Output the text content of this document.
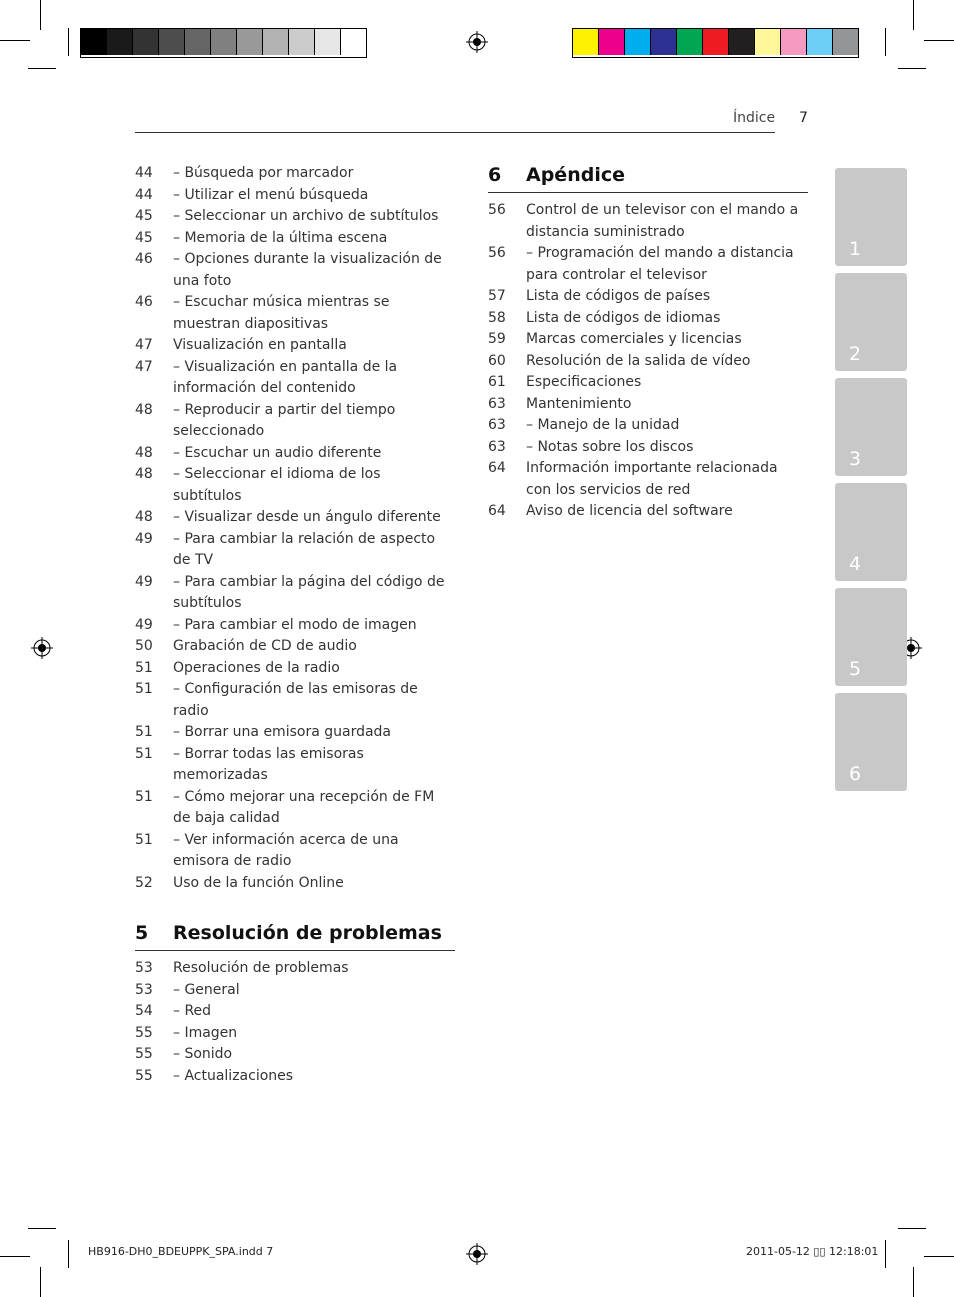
Índice 7
44	– Búsqueda por marcador
44	– Utilizar el menú búsqueda
45	– Seleccionar un archivo de subtítulos
45	– Memoria de la última escena
46	– Opciones durante la visualización de una foto
46	– Escuchar música mientras se muestran diapositivas
47	Visualización en pantalla
47	– Visualización en pantalla de la información del contenido
48	– Reproducir a partir del tiempo seleccionado
48	– Escuchar un audio diferente
48	– Seleccionar el idioma de los subtítulos
48	– Visualizar desde un ángulo diferente
49	– Para cambiar la relación de aspecto de TV
49	– Para cambiar la página del código de subtítulos
49	– Para cambiar el modo de imagen
50	Grabación de CD de audio
51	Operaciones de la radio
51	– Configuración de las emisoras de radio
51	– Borrar una emisora guardada
51	– Borrar todas las emisoras memorizadas
51	– Cómo mejorar una recepción de FM de baja calidad
51	– Ver información acerca de una emisora de radio
52	Uso de la función Online
5 Resolución de problemas
53	Resolución de problemas
53	– General
54	– Red
55	– Imagen
55	– Sonido
55	– Actualizaciones
6 Apéndice
56	Control de un televisor con el mando a distancia suministrado
56	– Programación del mando a distancia para controlar el televisor
57	Lista de códigos de países
58	Lista de códigos de idiomas
59	Marcas comerciales y licencias
60	Resolución de la salida de vídeo
61	Especificaciones
63	Mantenimiento
63	– Manejo de la unidad
63	– Notas sobre los discos
64	Información importante relacionada con los servicios de red
64	Aviso de licencia del software
1
2
3
4
5
6
HB916-DH0_BDEUPPK_SPA.indd 7	2011-05-12 ▯▯ 12:18:01
